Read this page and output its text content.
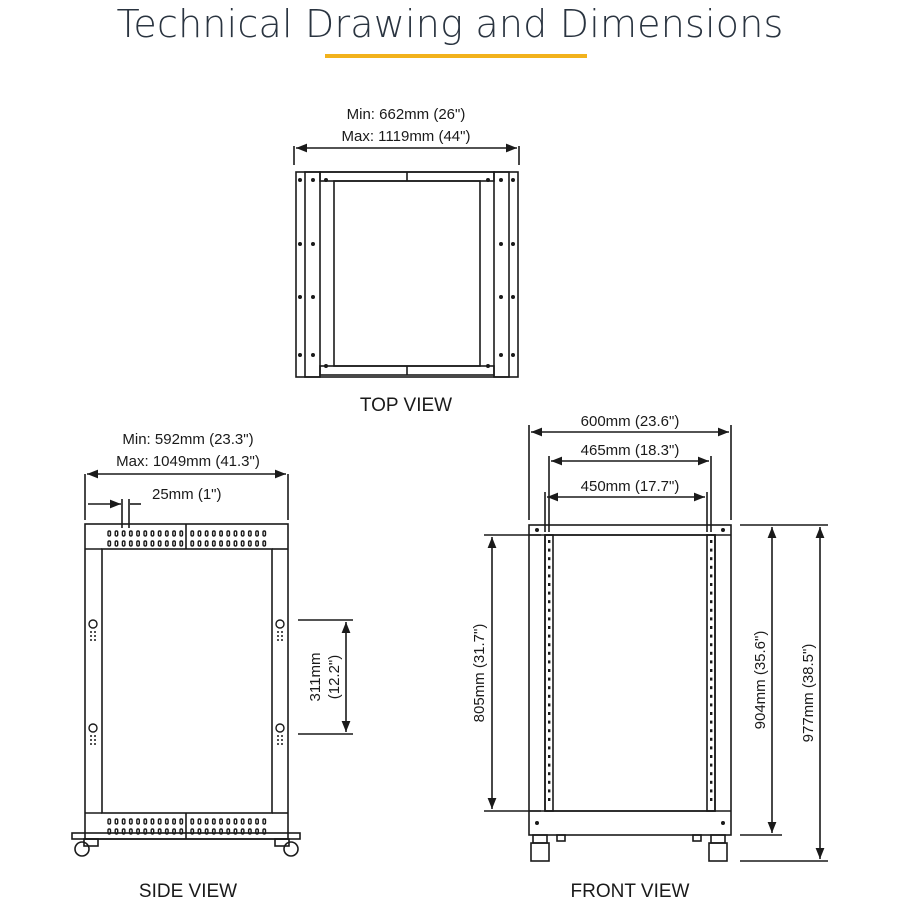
Technical Drawing and Dimensions
Min: 662mm (26")
Max: 1119mm (44")
TOP VIEW
Min: 592mm (23.3")
Max: 1049mm (41.3")
25mm (1")
311mm (12.2")
SIDE VIEW
600mm (23.6")
465mm (18.3")
450mm (17.7")
805mm (31.7")	904mm (35.6") 977mm (38.5")
FRONT VIEW
